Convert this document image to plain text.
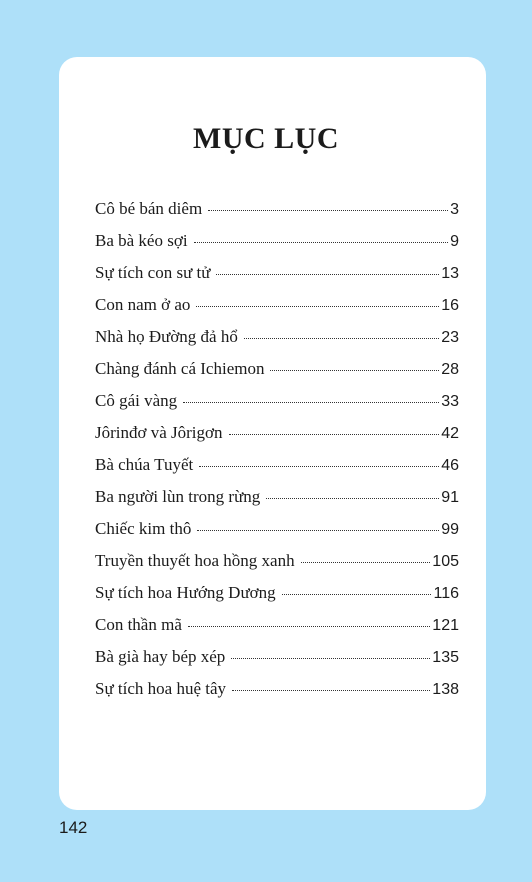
MỤC LỤC
Cô bé bán diêm	3
Ba bà kéo sợi	9
Sự tích con sư tử	13
Con nam ở ao	16
Nhà họ Đường đả hổ	23
Chàng đánh cá Ichiemon	28
Cô gái vàng	33
Jôrinđơ và Jôrigơn	42
Bà chúa Tuyết	46
Ba người lùn trong rừng	91
Chiếc kim thô	99
Truyền thuyết hoa hồng xanh	105
Sự tích hoa Hướng Dương	116
Con thần mã	121
Bà già hay bép xép	135
Sự tích hoa huệ tây	138
142
